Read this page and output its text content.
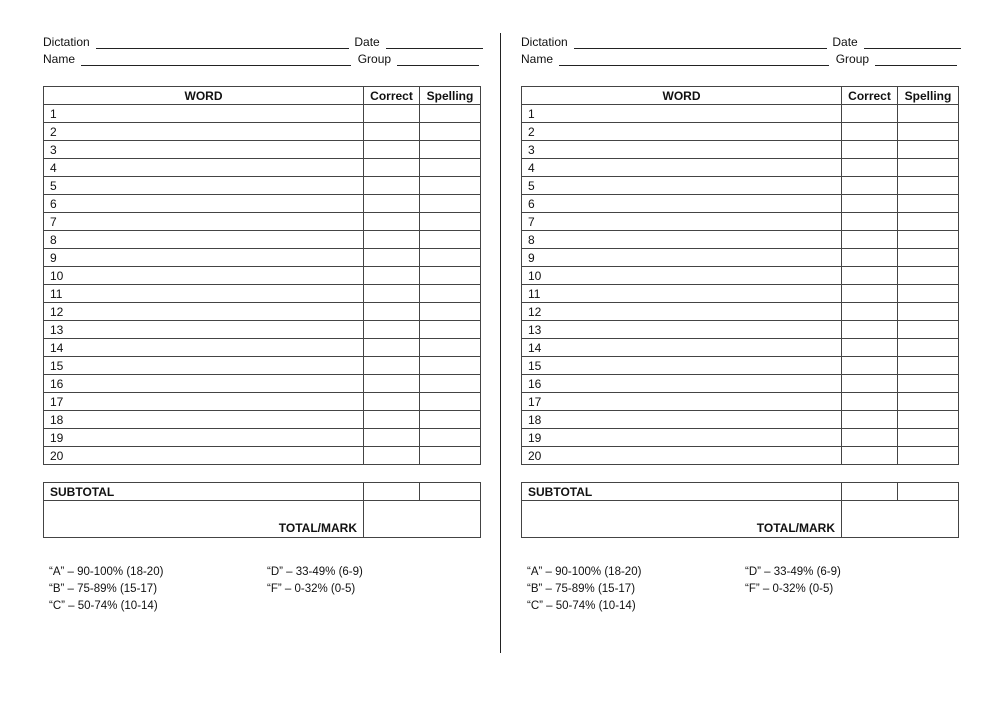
Dictation	Date
Name	Group
WORD	Correct	Spelling
1		
2		
3		
4		
5		
6		
7		
8		
9		
10		
11		
12		
13		
14		
15		
16		
17		
18		
19		
20		
SUBTOTAL		
TOTAL/MARK		
“A” – 90-100% (18-20)
“B” – 75-89% (15-17)
“C” – 50-74% (10-14)
“D” – 33-49% (6-9)
“F” – 0-32% (0-5)
Dictation	Date
Name	Group
WORD	Correct	Spelling
1		
2		
3		
4		
5		
6		
7		
8		
9		
10		
11		
12		
13		
14		
15		
16		
17		
18		
19		
20		
SUBTOTAL		
TOTAL/MARK		
“A” – 90-100% (18-20)
“B” – 75-89% (15-17)
“C” – 50-74% (10-14)
“D” – 33-49% (6-9)
“F” – 0-32% (0-5)
